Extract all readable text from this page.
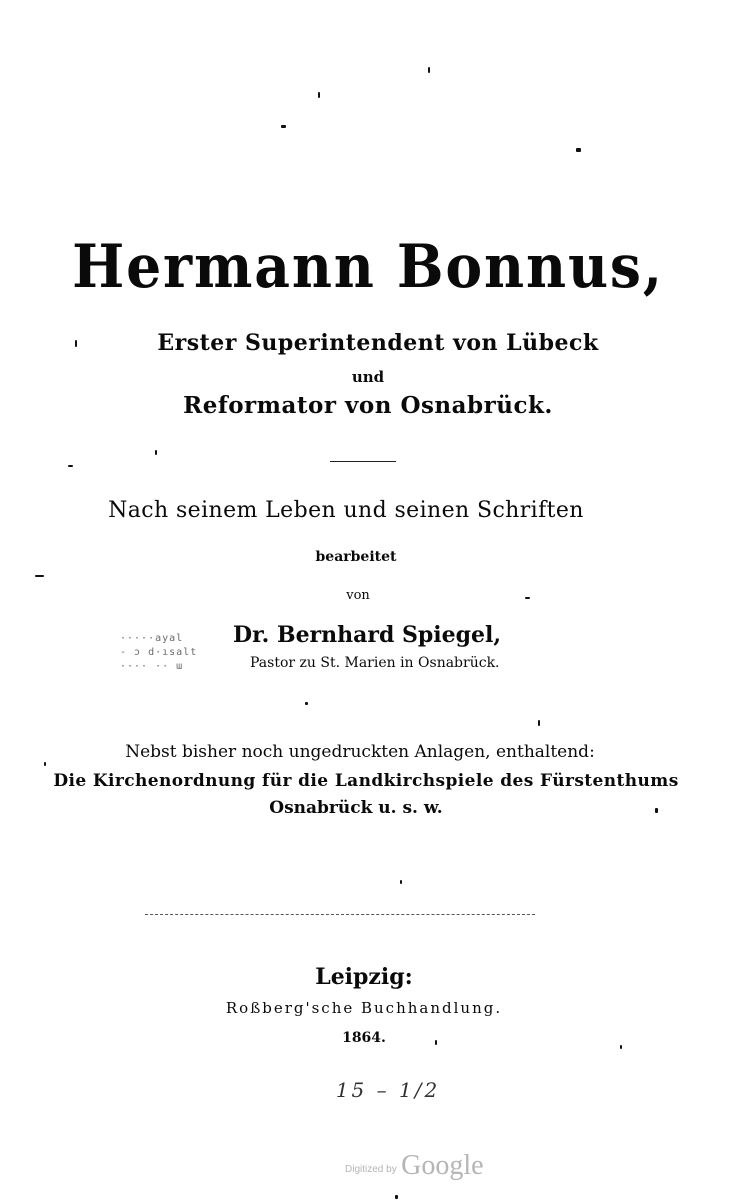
Hermann Bonnus,
Erster Superintendent von Lübeck
und
Reformator von Osnabrück.
Nach seinem Leben und seinen Schriften
bearbeitet
von
·····ayal
- ɔ d·ısalt
···· ·· ɯ
Dr. Bernhard Spiegel,
Pastor zu St. Marien in Osnabrück.
Nebst bisher noch ungedruckten Anlagen, enthaltend:
Die Kirchenordnung für die Landkirchspiele des Fürstenthums
Osnabrück u. s. w.
Leipzig:
Roßberg'sche Buchhandlung.
1864.
15 – 1/2
Digitized by Google
